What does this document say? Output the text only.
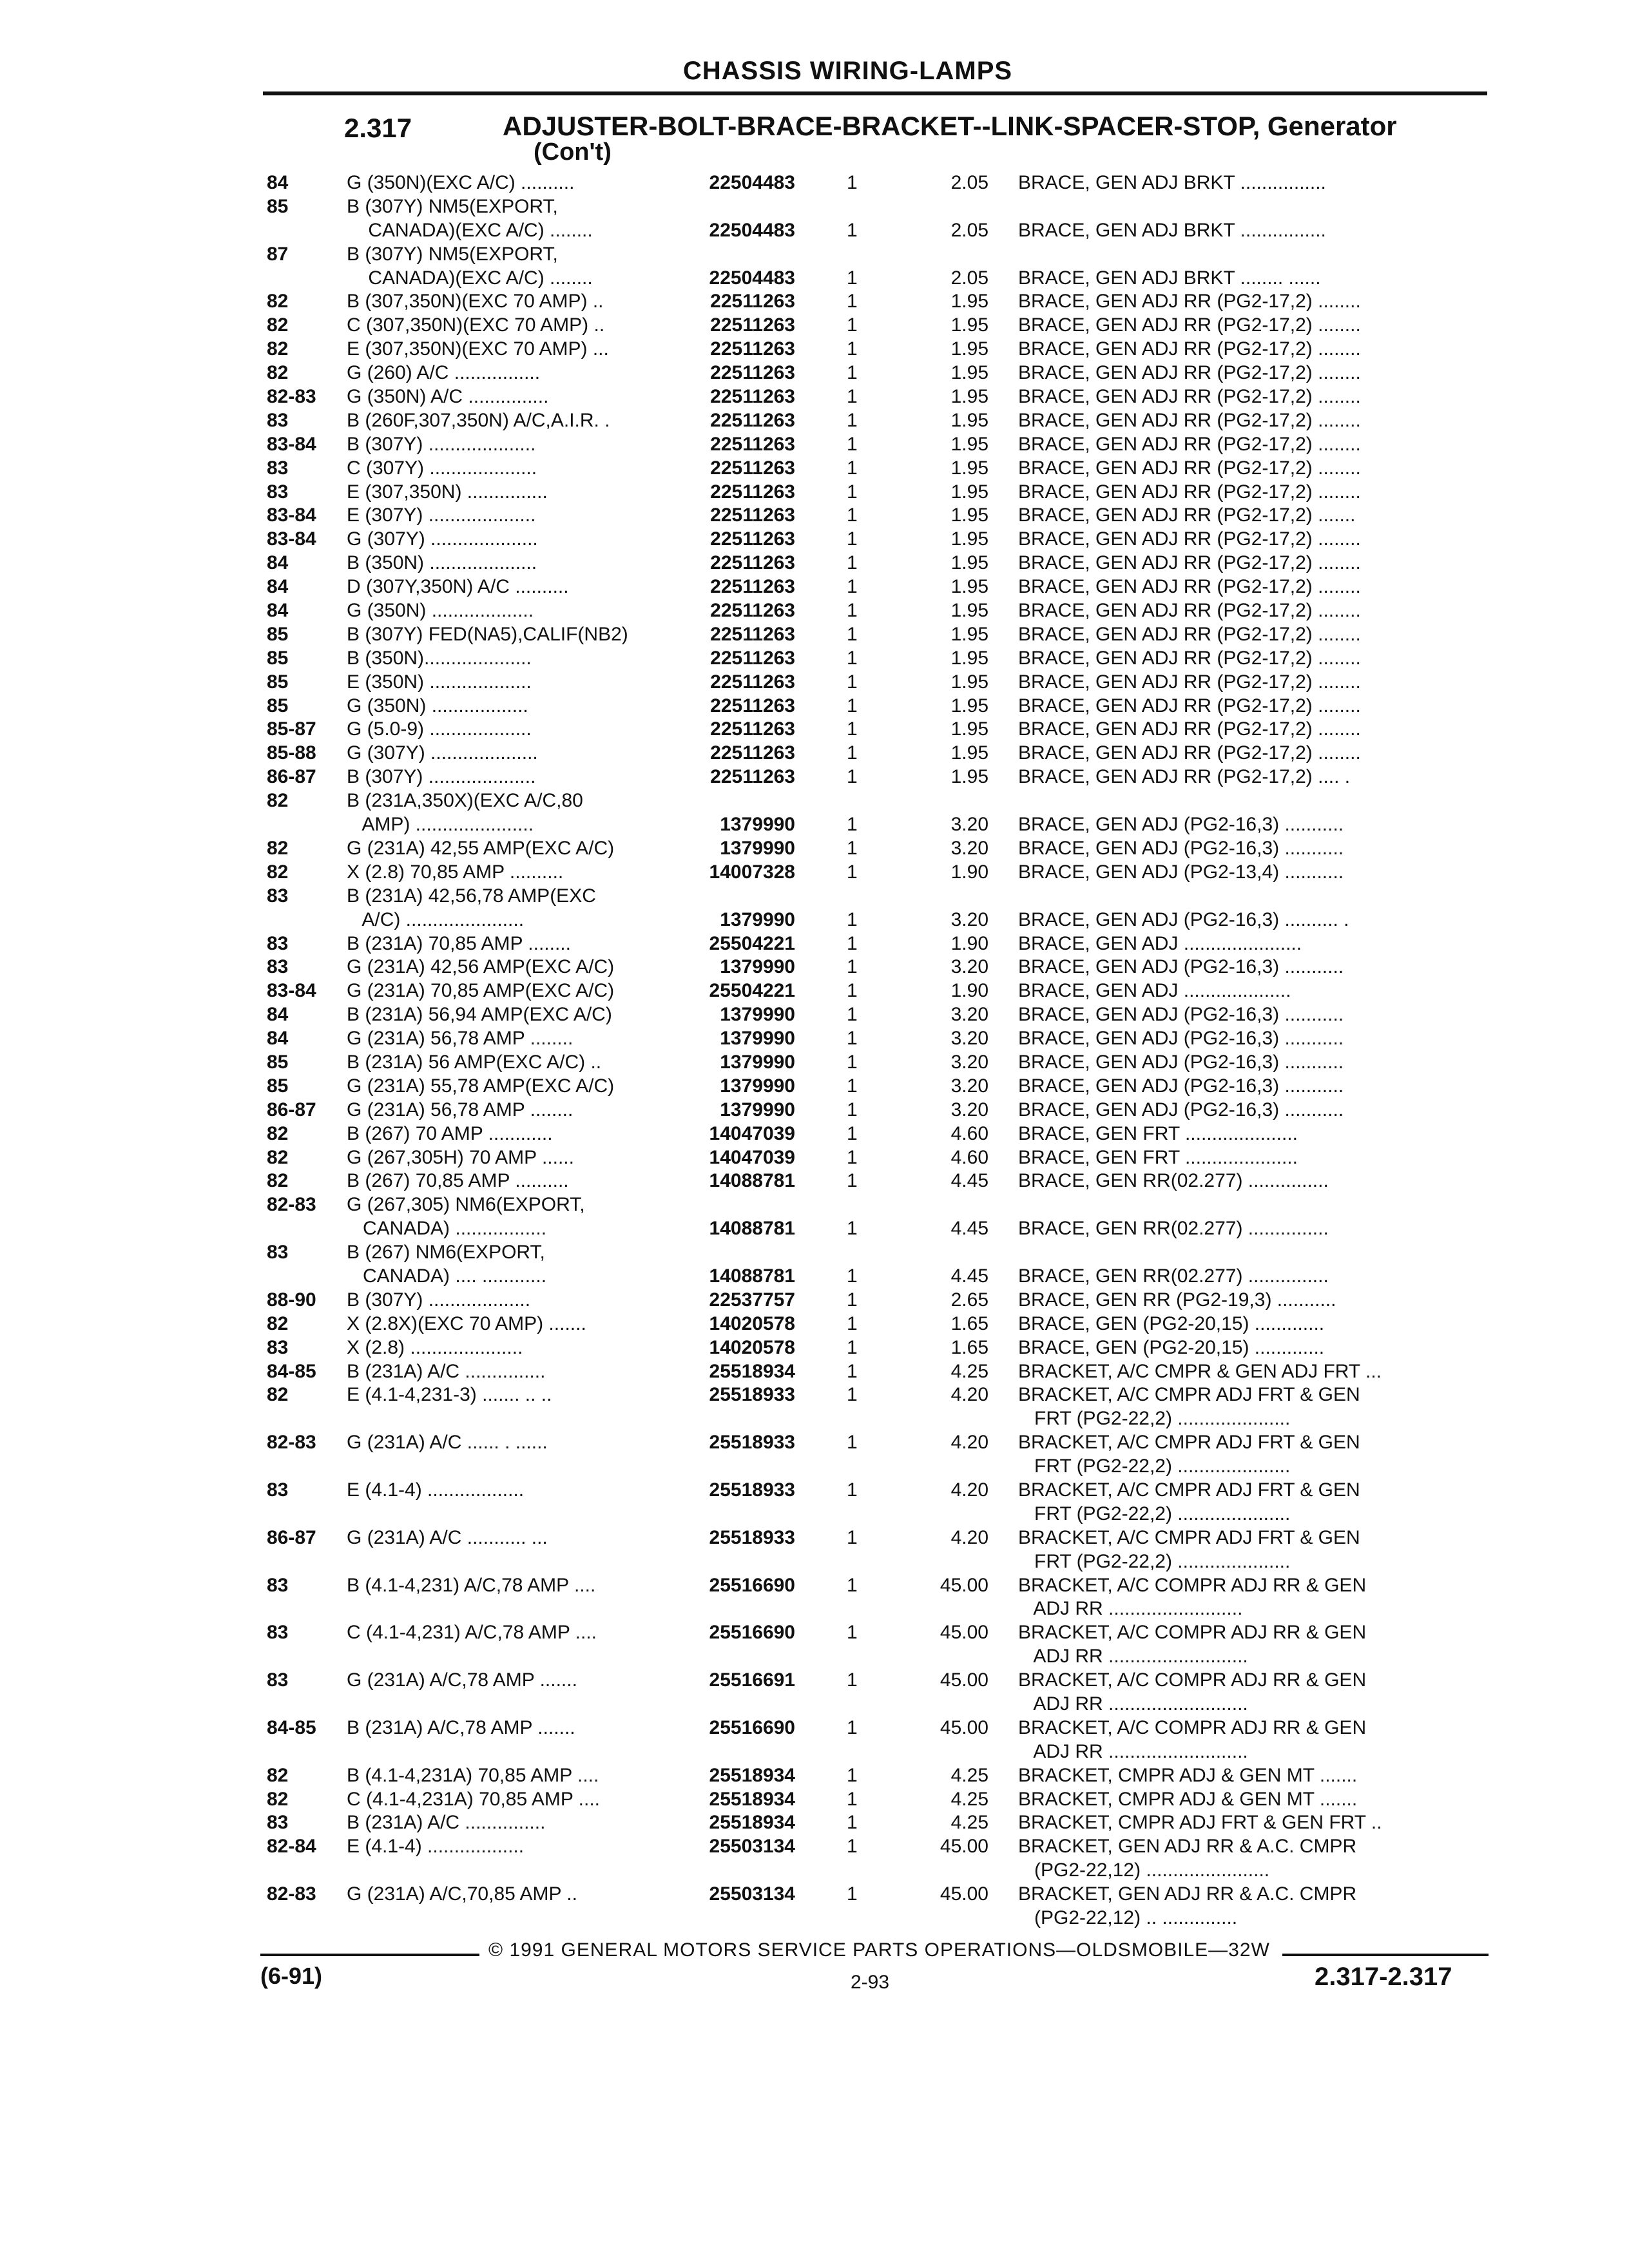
CHASSIS WIRING-LAMPS
2.317	ADJUSTER-BOLT-BRACE-BRACKET--LINK-SPACER-STOP, Generator
(Con't)
84	G (350N)(EXC A/C) ..........	22504483	1	2.05 BRACE, GEN ADJ BRKT ................
85	B (307Y) NM5(EXPORT,
CANADA)(EXC A/C) ........	22504483	1	2.05 BRACE, GEN ADJ BRKT ................
87	B (307Y) NM5(EXPORT,
CANADA)(EXC A/C) ........	22504483	1	2.05 BRACE, GEN ADJ BRKT ........ ......
82	B (307,350N)(EXC 70 AMP) ..	22511263	1	1.95 BRACE, GEN ADJ RR (PG2-17,2) ........
82	C (307,350N)(EXC 70 AMP) ..	22511263	1	1.95 BRACE, GEN ADJ RR (PG2-17,2) ........
82	E (307,350N)(EXC 70 AMP) ...	22511263	1	1.95 BRACE, GEN ADJ RR (PG2-17,2) ........
82	G (260) A/C ................	22511263	1	1.95 BRACE, GEN ADJ RR (PG2-17,2) ........
82-83 G (350N) A/C ...............	22511263	1	1.95 BRACE, GEN ADJ RR (PG2-17,2) ........
83	B (260F,307,350N) A/C,A.I.R. .	22511263	1	1.95 BRACE, GEN ADJ RR (PG2-17,2) ........
83-84 B (307Y) ....................	22511263	1	1.95 BRACE, GEN ADJ RR (PG2-17,2) ........
83	C (307Y) ....................	22511263	1	1.95 BRACE, GEN ADJ RR (PG2-17,2) ........
83	E (307,350N) ...............	22511263	1	1.95 BRACE, GEN ADJ RR (PG2-17,2) ........
83-84 E (307Y) ....................	22511263	1	1.95 BRACE, GEN ADJ RR (PG2-17,2) .......
83-84 G (307Y) ....................	22511263	1	1.95 BRACE, GEN ADJ RR (PG2-17,2) ........
84	B (350N) ....................	22511263	1	1.95 BRACE, GEN ADJ RR (PG2-17,2) ........
84	D (307Y,350N) A/C ..........	22511263	1	1.95 BRACE, GEN ADJ RR (PG2-17,2) ........
84	G (350N) ...................	22511263	1	1.95 BRACE, GEN ADJ RR (PG2-17,2) ........
85	B (307Y) FED(NA5),CALIF(NB2)	22511263	1	1.95 BRACE, GEN ADJ RR (PG2-17,2) ........
85	B (350N)....................	22511263	1	1.95 BRACE, GEN ADJ RR (PG2-17,2) ........
85	E (350N) ...................	22511263	1	1.95 BRACE, GEN ADJ RR (PG2-17,2) ........
85	G (350N) ..................	22511263	1	1.95 BRACE, GEN ADJ RR (PG2-17,2) ........
85-87 G (5.0-9) ...................	22511263	1	1.95 BRACE, GEN ADJ RR (PG2-17,2) ........
85-88 G (307Y) ....................	22511263	1	1.95 BRACE, GEN ADJ RR (PG2-17,2) ........
86-87 B (307Y) ....................	22511263	1	1.95 BRACE, GEN ADJ RR (PG2-17,2) .... .
82	B (231A,350X)(EXC A/C,80
AMP) ......................	1379990	1	3.20 BRACE, GEN ADJ (PG2-16,3) ...........
82	G (231A) 42,55 AMP(EXC A/C)	1379990	1	3.20 BRACE, GEN ADJ (PG2-16,3) ...........
82	X (2.8) 70,85 AMP ..........	14007328	1	1.90 BRACE, GEN ADJ (PG2-13,4) ...........
83	B (231A) 42,56,78 AMP(EXC
A/C) ......................	1379990	1	3.20 BRACE, GEN ADJ (PG2-16,3) .......... .
83	B (231A) 70,85 AMP ........	25504221	1	1.90 BRACE, GEN ADJ ......................
83	G (231A) 42,56 AMP(EXC A/C)	1379990	1	3.20 BRACE, GEN ADJ (PG2-16,3) ...........
83-84 G (231A) 70,85 AMP(EXC A/C)	25504221	1	1.90 BRACE, GEN ADJ ....................
84	B (231A) 56,94 AMP(EXC A/C)	1379990	1	3.20 BRACE, GEN ADJ (PG2-16,3) ...........
84	G (231A) 56,78 AMP ........	1379990	1	3.20 BRACE, GEN ADJ (PG2-16,3) ...........
85	B (231A) 56 AMP(EXC A/C) ..	1379990	1	3.20 BRACE, GEN ADJ (PG2-16,3) ...........
85	G (231A) 55,78 AMP(EXC A/C)	1379990	1	3.20 BRACE, GEN ADJ (PG2-16,3) ...........
86-87 G (231A) 56,78 AMP ........	1379990	1	3.20 BRACE, GEN ADJ (PG2-16,3) ...........
82	B (267) 70 AMP ............	14047039	1	4.60 BRACE, GEN FRT .....................
82	G (267,305H) 70 AMP ......	14047039	1	4.60 BRACE, GEN FRT .....................
82	B (267) 70,85 AMP ..........	14088781	1	4.45 BRACE, GEN RR(02.277) ...............
82-83 G (267,305) NM6(EXPORT,
CANADA) .................	14088781	1	4.45 BRACE, GEN RR(02.277) ...............
83	B (267) NM6(EXPORT,
CANADA) .... ............	14088781	1	4.45 BRACE, GEN RR(02.277) ...............
88-90 B (307Y) ...................	22537757	1	2.65 BRACE, GEN RR (PG2-19,3) ...........
82	X (2.8X)(EXC 70 AMP) .......	14020578	1	1.65 BRACE, GEN (PG2-20,15) .............
83	X (2.8) .....................	14020578	1	1.65 BRACE, GEN (PG2-20,15) .............
84-85 B (231A) A/C ...............	25518934	1	4.25 BRACKET, A/C CMPR & GEN ADJ FRT ...
82	E (4.1-4,231-3) ....... .. ..	25518933	1	4.20 BRACKET, A/C CMPR ADJ FRT & GEN
FRT (PG2-22,2) .....................
82-83 G (231A) A/C ...... . ......	25518933	1	4.20 BRACKET, A/C CMPR ADJ FRT & GEN
FRT (PG2-22,2) .....................
83	E (4.1-4) ..................	25518933	1	4.20 BRACKET, A/C CMPR ADJ FRT & GEN
FRT (PG2-22,2) .....................
86-87 G (231A) A/C ........... ...	25518933	1	4.20 BRACKET, A/C CMPR ADJ FRT & GEN
FRT (PG2-22,2) .....................
83	B (4.1-4,231) A/C,78 AMP ....	25516690	1	45.00 BRACKET, A/C COMPR ADJ RR & GEN
ADJ RR .........................
83	C (4.1-4,231) A/C,78 AMP ....	25516690	1	45.00 BRACKET, A/C COMPR ADJ RR & GEN
ADJ RR ..........................
83	G (231A) A/C,78 AMP .......	25516691	1	45.00 BRACKET, A/C COMPR ADJ RR & GEN
ADJ RR ..........................
84-85 B (231A) A/C,78 AMP .......	25516690	1	45.00 BRACKET, A/C COMPR ADJ RR & GEN
ADJ RR ..........................
82	B (4.1-4,231A) 70,85 AMP ....	25518934	1	4.25 BRACKET, CMPR ADJ & GEN MT .......
82	C (4.1-4,231A) 70,85 AMP ....	25518934	1	4.25 BRACKET, CMPR ADJ & GEN MT .......
83	B (231A) A/C ...............	25518934	1	4.25 BRACKET, CMPR ADJ FRT & GEN FRT ..
82-84 E (4.1-4) ..................	25503134	1	45.00 BRACKET, GEN ADJ RR & A.C. CMPR
(PG2-22,12) .......................
82-83 G (231A) A/C,70,85 AMP ..	25503134	1	45.00 BRACKET, GEN ADJ RR & A.C. CMPR
(PG2-22,12) .. ..............
© 1991 GENERAL MOTORS SERVICE PARTS OPERATIONS—OLDSMOBILE—32W
(6-91)	2-93	2.317-2.317
